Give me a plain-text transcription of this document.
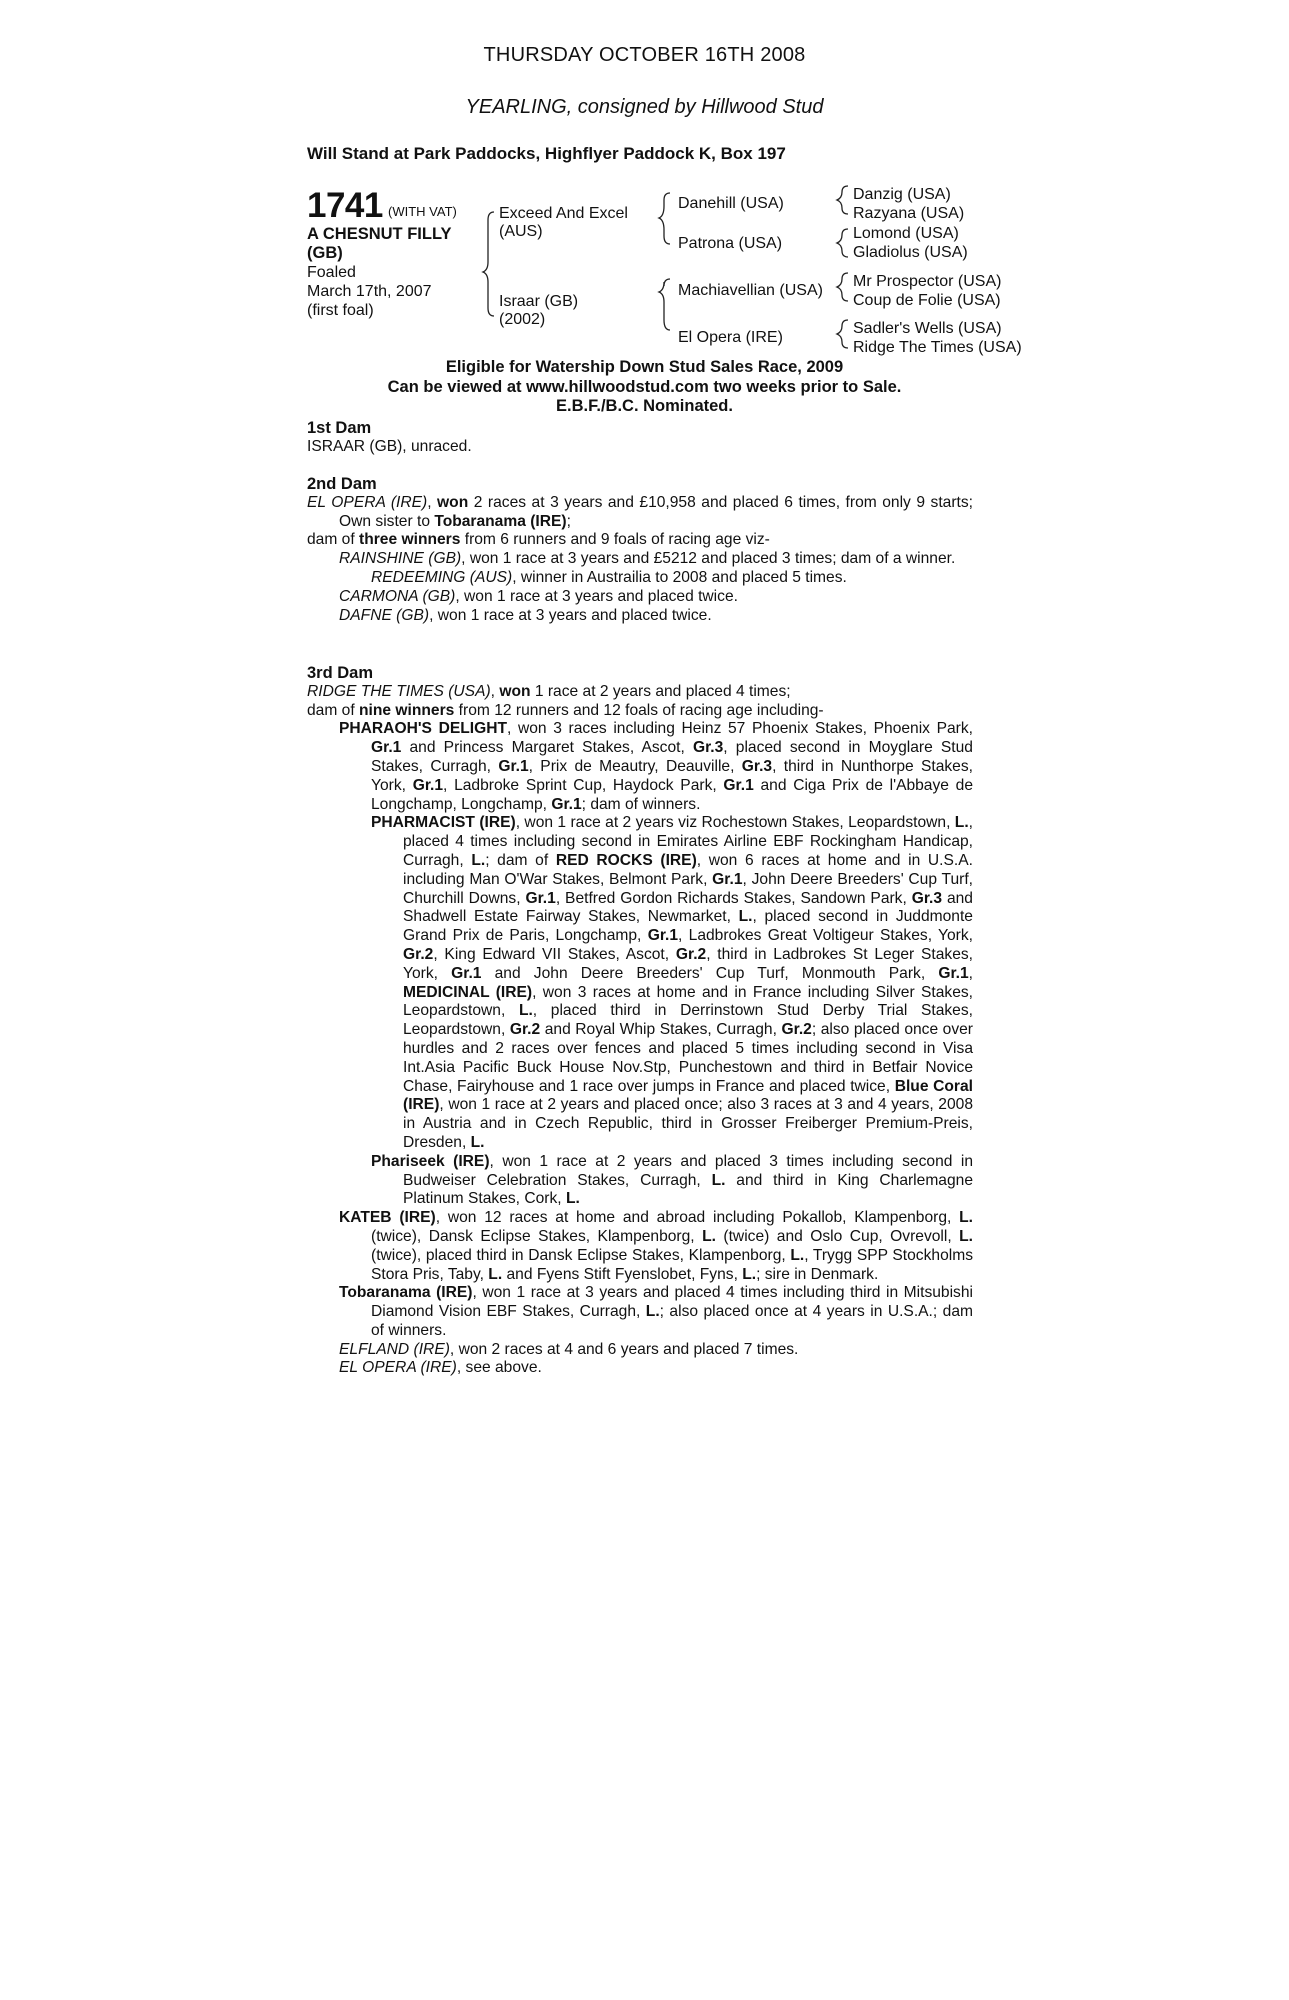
THURSDAY OCTOBER 16TH 2008
YEARLING, consigned by Hillwood Stud
Will Stand at Park Paddocks, Highflyer Paddock K, Box 197
1741 (WITH VAT)
A CHESNUT FILLY
(GB)
Foaled
March 17th, 2007
(first foal)
Exceed And Excel
(AUS)
Israar (GB)
(2002)
Danehill (USA)
Patrona (USA)
Machiavellian (USA)
El Opera (IRE)
Danzig (USA)
Razyana (USA)
Lomond (USA)
Gladiolus (USA)
Mr Prospector (USA)
Coup de Folie (USA)
Sadler's Wells (USA)
Ridge The Times (USA)
Eligible for Watership Down Stud Sales Race, 2009
Can be viewed at www.hillwoodstud.com two weeks prior to Sale.
E.B.F./B.C. Nominated.
1st Dam
ISRAAR (GB), unraced.
2nd Dam
EL OPERA (IRE), won 2 races at 3 years and £10,958 and placed 6 times, from only 9 starts; Own sister to Tobaranama (IRE);
dam of three winners from 6 runners and 9 foals of racing age viz-
RAINSHINE (GB), won 1 race at 3 years and £5212 and placed 3 times; dam of a winner.
REDEEMING (AUS), winner in Austrailia to 2008 and placed 5 times.
CARMONA (GB), won 1 race at 3 years and placed twice.
DAFNE (GB), won 1 race at 3 years and placed twice.
3rd Dam
RIDGE THE TIMES (USA), won 1 race at 2 years and placed 4 times;
dam of nine winners from 12 runners and 12 foals of racing age including-
PHARAOH'S DELIGHT, won 3 races including Heinz 57 Phoenix Stakes, Phoenix Park, Gr.1 and Princess Margaret Stakes, Ascot, Gr.3, placed second in Moyglare Stud Stakes, Curragh, Gr.1, Prix de Meautry, Deauville, Gr.3, third in Nunthorpe Stakes, York, Gr.1, Ladbroke Sprint Cup, Haydock Park, Gr.1 and Ciga Prix de l'Abbaye de Longchamp, Longchamp, Gr.1; dam of winners.
PHARMACIST (IRE), won 1 race at 2 years viz Rochestown Stakes, Leopardstown, L., placed 4 times including second in Emirates Airline EBF Rockingham Handicap, Curragh, L.; dam of RED ROCKS (IRE), won 6 races at home and in U.S.A. including Man O'War Stakes, Belmont Park, Gr.1, John Deere Breeders' Cup Turf, Churchill Downs, Gr.1, Betfred Gordon Richards Stakes, Sandown Park, Gr.3 and Shadwell Estate Fairway Stakes, Newmarket, L., placed second in Juddmonte Grand Prix de Paris, Longchamp, Gr.1, Ladbrokes Great Voltigeur Stakes, York, Gr.2, King Edward VII Stakes, Ascot, Gr.2, third in Ladbrokes St Leger Stakes, York, Gr.1 and John Deere Breeders' Cup Turf, Monmouth Park, Gr.1, MEDICINAL (IRE), won 3 races at home and in France including Silver Stakes, Leopardstown, L., placed third in Derrinstown Stud Derby Trial Stakes, Leopardstown, Gr.2 and Royal Whip Stakes, Curragh, Gr.2; also placed once over hurdles and 2 races over fences and placed 5 times including second in Visa Int.Asia Pacific Buck House Nov.Stp, Punchestown and third in Betfair Novice Chase, Fairyhouse and 1 race over jumps in France and placed twice, Blue Coral (IRE), won 1 race at 2 years and placed once; also 3 races at 3 and 4 years, 2008 in Austria and in Czech Republic, third in Grosser Freiberger Premium-Preis, Dresden, L.
Phariseek (IRE), won 1 race at 2 years and placed 3 times including second in Budweiser Celebration Stakes, Curragh, L. and third in King Charlemagne Platinum Stakes, Cork, L.
KATEB (IRE), won 12 races at home and abroad including Pokallob, Klampenborg, L. (twice), Dansk Eclipse Stakes, Klampenborg, L. (twice) and Oslo Cup, Ovrevoll, L. (twice), placed third in Dansk Eclipse Stakes, Klampenborg, L., Trygg SPP Stockholms Stora Pris, Taby, L. and Fyens Stift Fyenslobet, Fyns, L.; sire in Denmark.
Tobaranama (IRE), won 1 race at 3 years and placed 4 times including third in Mitsubishi Diamond Vision EBF Stakes, Curragh, L.; also placed once at 4 years in U.S.A.; dam of winners.
ELFLAND (IRE), won 2 races at 4 and 6 years and placed 7 times.
EL OPERA (IRE), see above.
